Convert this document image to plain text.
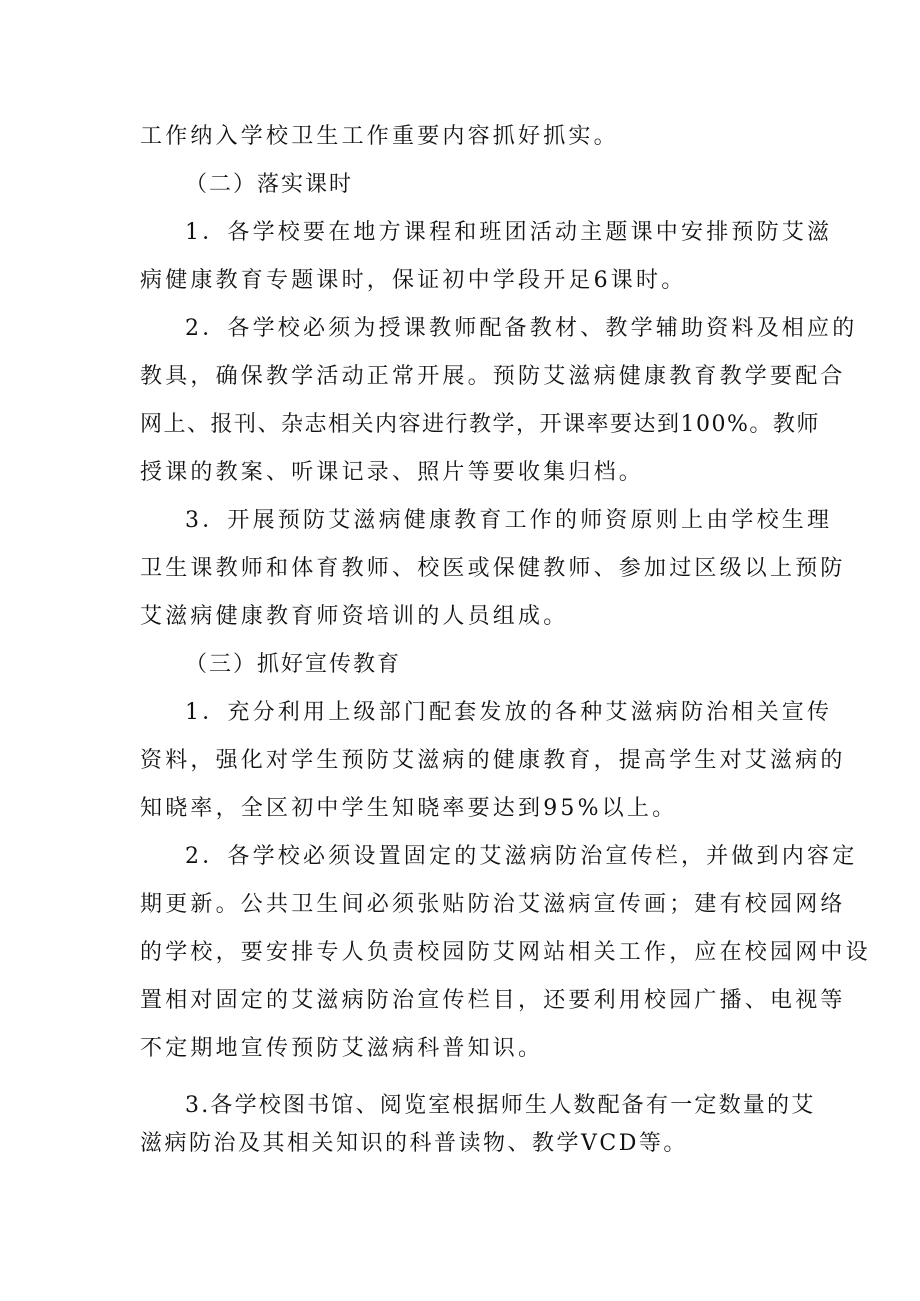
工作纳入学校卫生工作重要内容抓好抓实。
（二）落实课时
1．各学校要在地方课程和班团活动主题课中安排预防艾滋
病健康教育专题课时，保证初中学段开足6课时。
2．各学校必须为授课教师配备教材、教学辅助资料及相应的
教具，确保教学活动正常开展。预防艾滋病健康教育教学要配合
网上、报刊、杂志相关内容进行教学，开课率要达到100%。教师
授课的教案、听课记录、照片等要收集归档。
3．开展预防艾滋病健康教育工作的师资原则上由学校生理
卫生课教师和体育教师、校医或保健教师、参加过区级以上预防
艾滋病健康教育师资培训的人员组成。
（三）抓好宣传教育
1．充分利用上级部门配套发放的各种艾滋病防治相关宣传
资料，强化对学生预防艾滋病的健康教育，提高学生对艾滋病的
知晓率，全区初中学生知晓率要达到95%以上。
2．各学校必须设置固定的艾滋病防治宣传栏，并做到内容定
期更新。公共卫生间必须张贴防治艾滋病宣传画；建有校园网络
的学校，要安排专人负责校园防艾网站相关工作，应在校园网中设
置相对固定的艾滋病防治宣传栏目，还要利用校园广播、电视等
不定期地宣传预防艾滋病科普知识。
3.各学校图书馆、阅览室根据师生人数配备有一定数量的艾
滋病防治及其相关知识的科普读物、教学VCD等。
